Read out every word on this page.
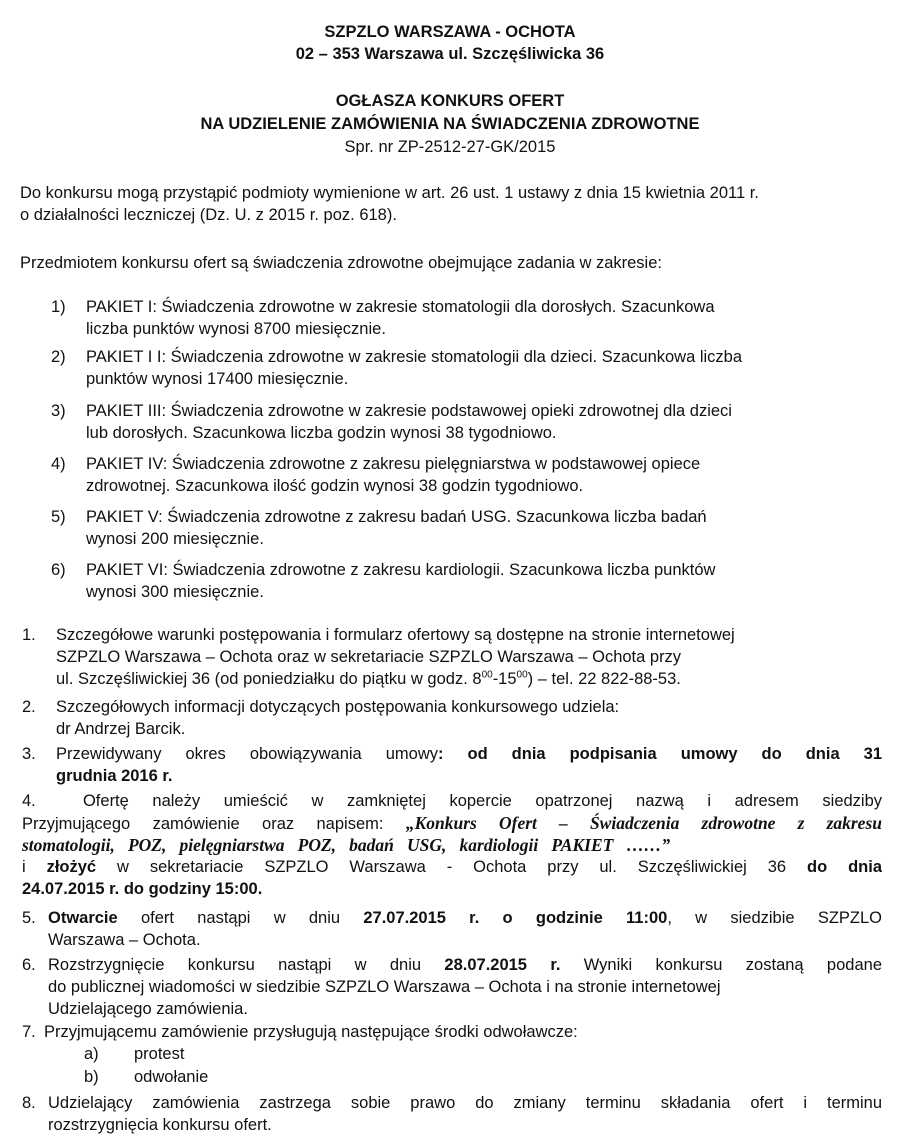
SZPZLO WARSZAWA - OCHOTA
02 – 353 Warszawa ul. Szczęśliwicka 36
OGŁASZA KONKURS OFERT
NA UDZIELENIE ZAMÓWIENIA NA ŚWIADCZENIA ZDROWOTNE
Spr. nr ZP-2512-27-GK/2015
Do konkursu mogą przystąpić podmioty wymienione w art. 26 ust. 1 ustawy z dnia 15 kwietnia 2011 r.
o działalności leczniczej (Dz. U. z 2015 r. poz. 618).
Przedmiotem konkursu ofert są świadczenia zdrowotne obejmujące zadania w zakresie:
1) PAKIET I: Świadczenia zdrowotne w zakresie stomatologii dla dorosłych. Szacunkowa
liczba punktów wynosi 8700 miesięcznie.
2) PAKIET I I: Świadczenia zdrowotne w zakresie stomatologii dla dzieci. Szacunkowa liczba
punktów wynosi 17400 miesięcznie.
3) PAKIET III: Świadczenia zdrowotne w zakresie podstawowej opieki zdrowotnej dla dzieci
lub dorosłych. Szacunkowa liczba godzin wynosi 38 tygodniowo.
4) PAKIET IV: Świadczenia zdrowotne z zakresu pielęgniarstwa w podstawowej opiece
zdrowotnej. Szacunkowa ilość godzin wynosi 38 godzin tygodniowo.
5) PAKIET V: Świadczenia zdrowotne z zakresu badań USG. Szacunkowa liczba badań
wynosi 200 miesięcznie.
6) PAKIET VI: Świadczenia zdrowotne z zakresu kardiologii. Szacunkowa liczba punktów
wynosi 300 miesięcznie.
1. Szczegółowe warunki postępowania i formularz ofertowy są dostępne na stronie internetowej
SZPZLO Warszawa – Ochota oraz w sekretariacie SZPZLO Warszawa – Ochota przy
ul. Szczęśliwickiej 36 (od poniedziałku do piątku w godz. $8^{00}-15^{00}$) – tel. 22 822-88-53.
2. Szczegółowych informacji dotyczących postępowania konkursowego udziela:
dr Andrzej Barcik.
3. Przewidywany okres obowiązywania umowy: od dnia podpisania umowy do dnia 31
grudnia 2016 r.
4.	Ofertę należy umieścić w zamkniętej kopercie opatrzonej nazwą i adresem siedziby
Przyjmującego zamówienie oraz napisem: „Konkurs Ofert – Świadczenia zdrowotne z zakresu
stomatologii,   POZ,   pielęgniarstwa   POZ,   badań   USG,   kardiologii   PAKIET   ……”
i złożyć w sekretariacie SZPZLO Warszawa - Ochota przy ul. Szczęśliwickiej 36 do dnia
24.07.2015 r. do godziny 15:00.
5. Otwarcie ofert nastąpi w dniu 27.07.2015 r. o godzinie 11:00, w siedzibie SZPZLO
Warszawa – Ochota.
6. Rozstrzygnięcie konkursu nastąpi w dniu 28.07.2015 r. Wyniki konkursu zostaną podane
do publicznej wiadomości w siedzibie SZPZLO Warszawa – Ochota i na stronie internetowej
Udzielającego zamówienia.
7. Przyjmującemu zamówienie przysługują następujące środki odwoławcze:
a) protest
b) odwołanie
8. Udzielający zamówienia zastrzega sobie prawo do zmiany terminu składania ofert i terminu
rozstrzygnięcia konkursu ofert.
